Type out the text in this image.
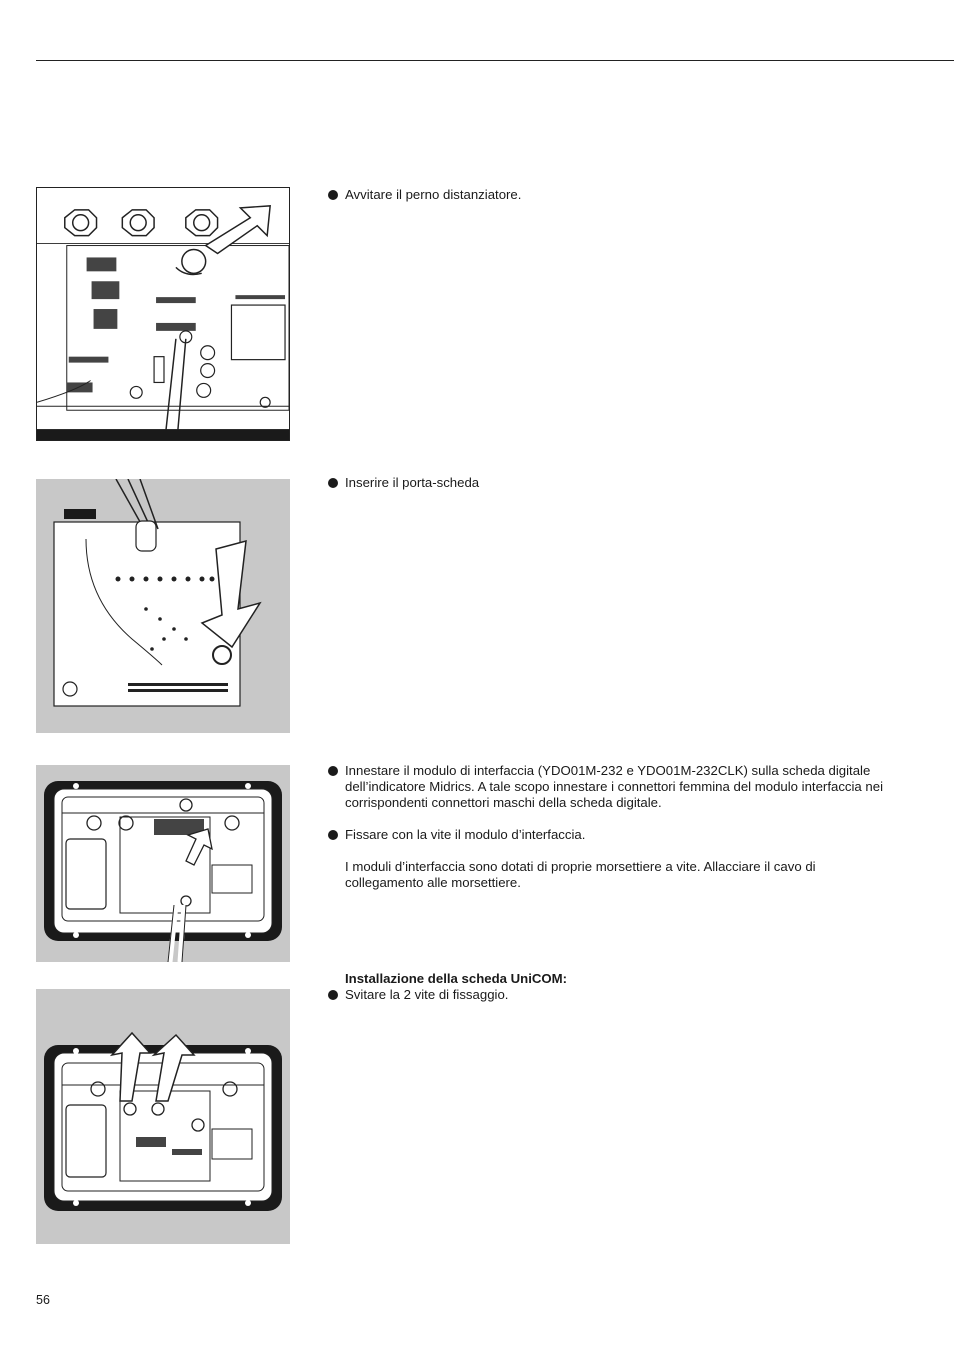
Avvitare il perno distanziatore.

Inserire il porta-scheda

Innestare il modulo di interfaccia (YDO01M-232 e YDO01M-232CLK) sulla scheda digitale dell’indicatore Midrics. A tale scopo innestare i connettori femmina del modulo interfaccia nei corrispondenti connettori maschi della scheda digitale.

Fissare con la vite il modulo d’interfaccia.

I moduli d’interfaccia sono dotati di proprie morsettiere a vite. Allacciare il cavo di collegamento alle morsettiere.

Installazione della scheda UniCOM:

Svitare la 2 vite di fissaggio.

56
